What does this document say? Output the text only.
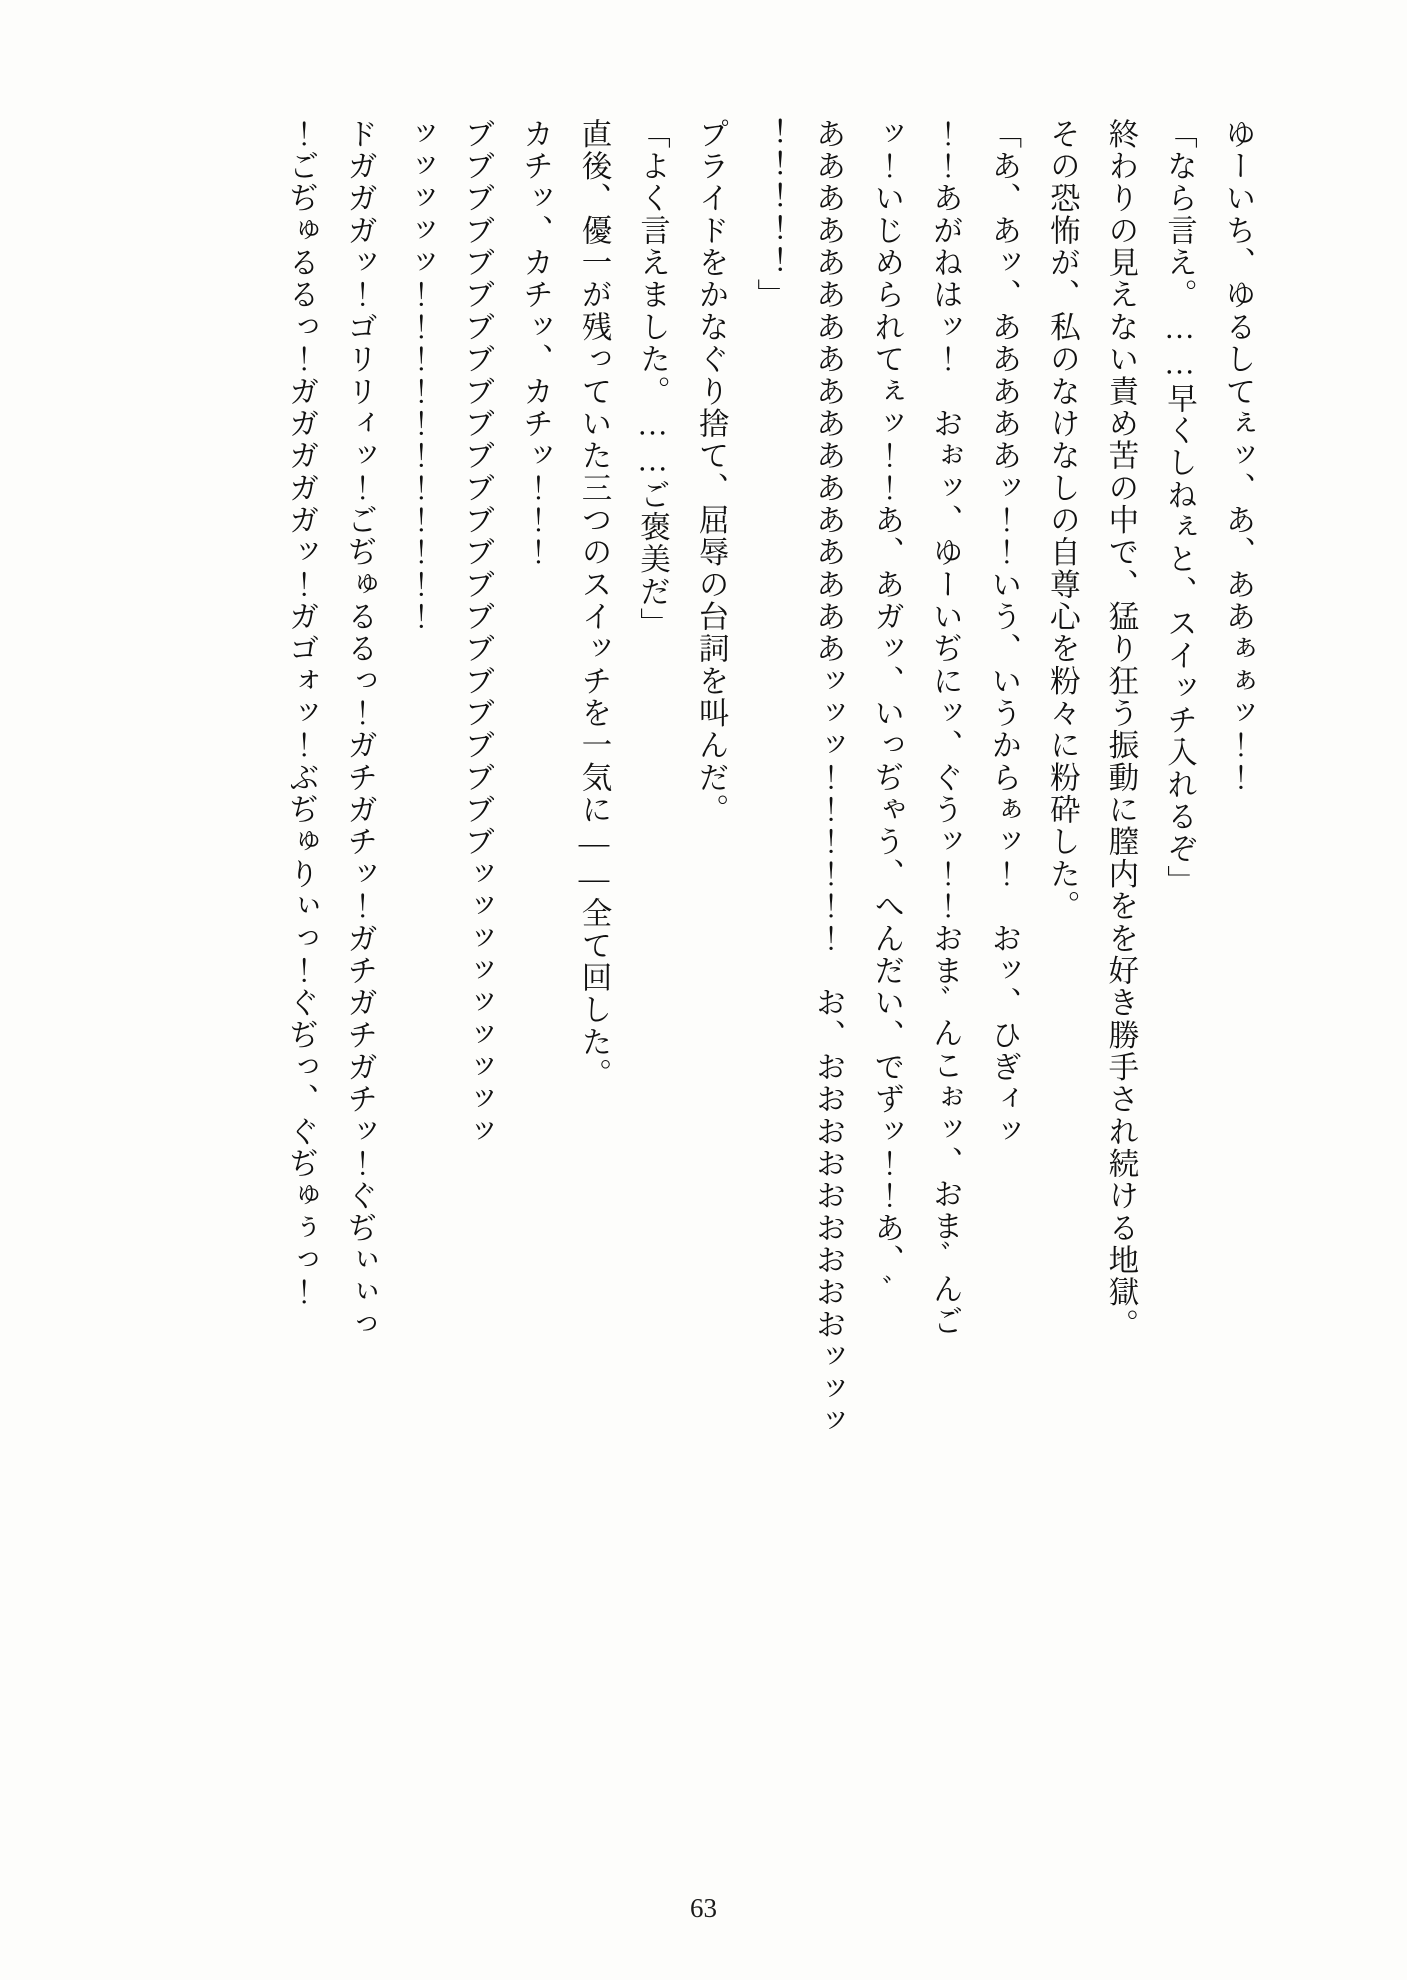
ゆーいち、ゆるしてぇッ、あ、ああぁぁッ！！

「なら言え。……早くしねぇと、スイッチ入れるぞ」

終わりの見えない責め苦の中で、猛り狂う振動に膣内をを好き勝手され続ける地獄。

その恐怖が、私のなけなしの自尊心を粉々に粉砕した。

「あ、あッ、あああああッ！！いう、いうからぁッ！　おッ、ひぎィッ

！！あがねはッ！　おぉッ、ゆーいぢにッ、ぐうッ！！おまﾞんこぉッ、おまﾞんご

ッ！いじめられてぇッ！！あ、あガッ、いっぢゃう、へんだい、でずッ！！あ、ﾞ

あああああああああああああああああッッッ！！！！！！　お、おおおおおおおおおッッッ

！！！！！」

プライドをかなぐり捨て、屈辱の台詞を叫んだ。

「よく言えました。……ご褒美だ」

直後、優一が残っていた三つのスイッチを一気に――全て回した。

カチッ、カチッ、カチッ！！！

ブブブブブブブブブブブブブブブブブブブブブブブッッッッッッッッッ

ッッッッッ！！！！！！！！！！！

ドガガガッ！ゴリリィッ！ごぢゅるるっ！ガチガチッ！ガチガチガチッ！ぐぢぃぃっ

！ごぢゅるるっ！ガガガガガッ！ガゴォッ！ぶぢゅりぃっ！ぐぢっ、ぐぢゅぅっ！

63
